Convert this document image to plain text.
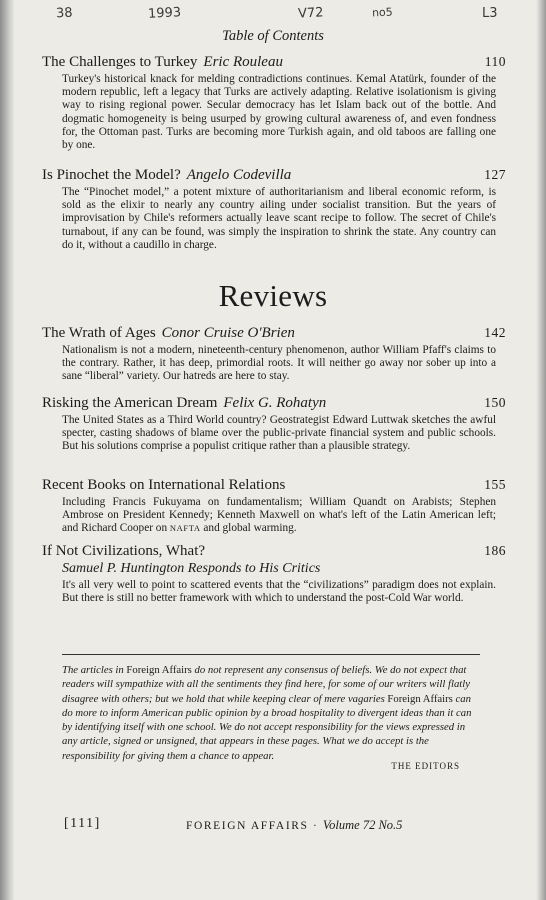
38	1993	V72	no5	L3
Table of Contents
The Challenges to Turkey Eric Rouleau	110
Turkey's historical knack for melding contradictions continues. Kemal Atatürk, founder of the modern republic, left a legacy that Turks are actively adapting. Relative isolationism is giving way to rising regional power. Secular democracy has let Islam back out of the bottle. And dogmatic homogeneity is being usurped by growing cultural awareness of, and even fondness for, the Ottoman past. Turks are becoming more Turkish again, and old taboos are falling one by one.
Is Pinochet the Model? Angelo Codevilla	127
The “Pinochet model,” a potent mixture of authoritarianism and liberal economic reform, is sold as the elixir to nearly any country ailing under socialist transition. But the years of improvisation by Chile's reformers actually leave scant recipe to follow. The secret of Chile's turnabout, if any can be found, was simply the inspiration to shrink the state. Any country can do it, without a caudillo in charge.
Reviews
The Wrath of Ages Conor Cruise O'Brien	142
Nationalism is not a modern, nineteenth-century phenomenon, author William Pfaff's claims to the contrary. Rather, it has deep, primordial roots. It will neither go away nor sober up into a sane “liberal” variety. Our hatreds are here to stay.
Risking the American Dream Felix G. Rohatyn	150
The United States as a Third World country? Geostrategist Edward Luttwak sketches the awful specter, casting shadows of blame over the public-private financial system and public schools. But his solutions comprise a populist critique rather than a plausible strategy.
Recent Books on International Relations	155
Including Francis Fukuyama on fundamentalism; William Quandt on Arabists; Stephen Ambrose on President Kennedy; Kenneth Maxwell on what's left of the Latin American left; and Richard Cooper on NAFTA and global warming.
If Not Civilizations, What?	186
Samuel P. Huntington Responds to His Critics
It's all very well to point to scattered events that the “civilizations” paradigm does not explain. But there is still no better framework with which to understand the post-Cold War world.
The articles in Foreign Affairs do not represent any consensus of beliefs. We do not expect that readers will sympathize with all the sentiments they find here, for some of our writers will flatly disagree with others; but we hold that while keeping clear of mere vagaries Foreign Affairs can do more to inform American public opinion by a broad hospitality to divergent ideas than it can by identifying itself with one school. We do not accept responsibility for the views expressed in any article, signed or unsigned, that appears in these pages. What we do accept is the responsibility for giving them a chance to appear.
THE EDITORS
[111]	FOREIGN AFFAIRS · Volume 72 No.5
